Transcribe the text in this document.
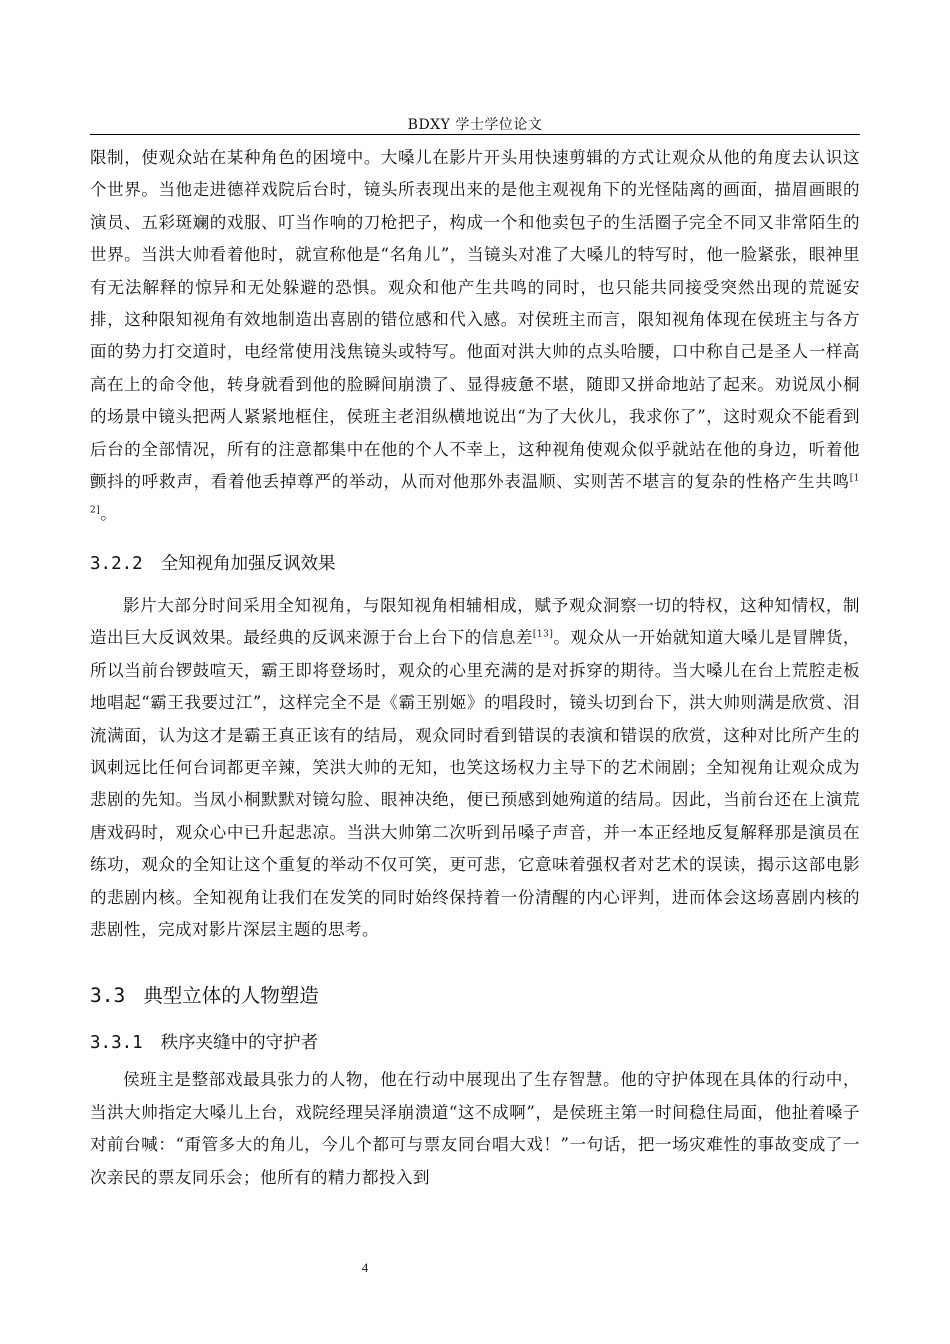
BDXY 学士学位论文

限制，使观众站在某种角色的困境中。大嗓儿在影片开头用快速剪辑的方式让观众从他的角度去认识这个世界。当他走进德祥戏院后台时，镜头所表现出来的是他主观视角下的光怪陆离的画面，描眉画眼的演员、五彩斑斓的戏服、叮当作响的刀枪把子，构成一个和他卖包子的生活圈子完全不同又非常陌生的世界。当洪大帅看着他时，就宣称他是“名角儿”，当镜头对准了大嗓儿的特写时，他一脸紧张，眼神里有无法解释的惊异和无处躲避的恐惧。观众和他产生共鸣的同时，也只能共同接受突然出现的荒诞安排，这种限知视角有效地制造出喜剧的错位感和代入感。对侯班主而言，限知视角体现在侯班主与各方面的势力打交道时，电经常使用浅焦镜头或特写。他面对洪大帅的点头哈腰，口中称自己是圣人一样高高在上的命令他，转身就看到他的脸瞬间崩溃了、显得疲惫不堪，随即又拼命地站了起来。劝说凤小桐的场景中镜头把两人紧紧地框住，侯班主老泪纵横地说出“为了大伙儿，我求你了”，这时观众不能看到后台的全部情况，所有的注意都集中在他的个人不幸上，这种视角使观众似乎就站在他的身边，听着他颤抖的呼救声，看着他丢掉尊严的举动，从而对他那外表温顺、实则苦不堪言的复杂的性格产生共鸣[12]。

3.2.2 全知视角加强反讽效果

影片大部分时间采用全知视角，与限知视角相辅相成，赋予观众洞察一切的特权，这种知情权，制造出巨大反讽效果。最经典的反讽来源于台上台下的信息差[13]。观众从一开始就知道大嗓儿是冒牌货，所以当前台锣鼓喧天，霸王即将登场时，观众的心里充满的是对拆穿的期待。当大嗓儿在台上荒腔走板地唱起“霸王我要过江”，这样完全不是《霸王别姬》的唱段时，镜头切到台下，洪大帅则满是欣赏、泪流满面，认为这才是霸王真正该有的结局，观众同时看到错误的表演和错误的欣赏，这种对比所产生的讽刺远比任何台词都更辛辣，笑洪大帅的无知，也笑这场权力主导下的艺术闹剧；全知视角让观众成为悲剧的先知。当凤小桐默默对镜勾脸、眼神决绝，便已预感到她殉道的结局。因此，当前台还在上演荒唐戏码时，观众心中已升起悲凉。当洪大帅第二次听到吊嗓子声音，并一本正经地反复解释那是演员在练功，观众的全知让这个重复的举动不仅可笑，更可悲，它意味着强权者对艺术的误读，揭示这部电影的悲剧内核。全知视角让我们在发笑的同时始终保持着一份清醒的内心评判，进而体会这场喜剧内核的悲剧性，完成对影片深层主题的思考。

3.3 典型立体的人物塑造
3.3.1 秩序夹缝中的守护者

侯班主是整部戏最具张力的人物，他在行动中展现出了生存智慧。他的守护体现在具体的行动中，当洪大帅指定大嗓儿上台，戏院经理吴泽崩溃道“这不成啊”，是侯班主第一时间稳住局面，他扯着嗓子对前台喊：“甭管多大的角儿，今儿个都可与票友同台唱大戏！”一句话，把一场灾难性的事故变成了一次亲民的票友同乐会；他所有的精力都投入到

4
